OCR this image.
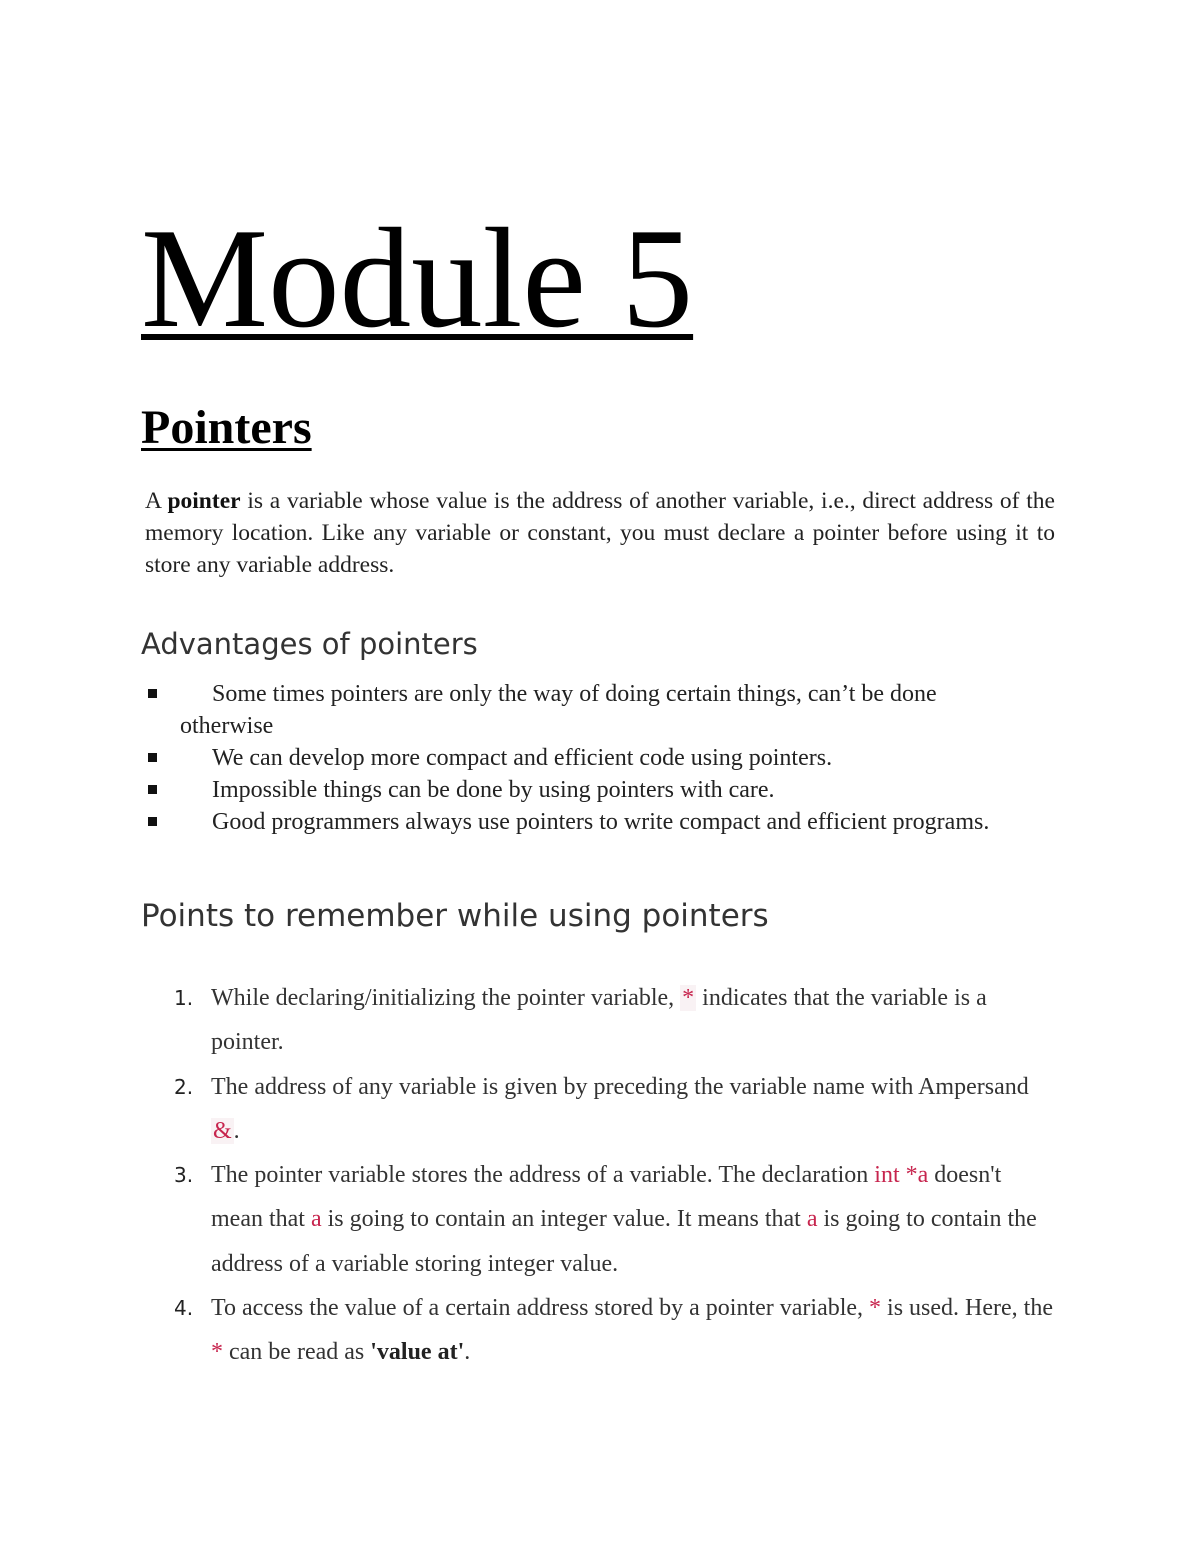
Module 5
Pointers

A pointer is a variable whose value is the address of another variable, i.e., direct address of the memory location. Like any variable or constant, you must declare a pointer before using it to store any variable address.

Advantages of pointers
Some times pointers are only the way of doing certain things, can’t be done otherwise
We can develop more compact and efficient code using pointers.
Impossible things can be done by using pointers with care.
Good programmers always use pointers to write compact and efficient programs.
Points to remember while using pointers
1. While declaring/initializing the pointer variable, * indicates that the variable is a pointer.
2. The address of any variable is given by preceding the variable name with Ampersand &.
3. The pointer variable stores the address of a variable. The declaration int *a doesn't mean that a is going to contain an integer value. It means that a is going to contain the address of a variable storing integer value.
4. To access the value of a certain address stored by a pointer variable, * is used. Here, the * can be read as 'value at'.
